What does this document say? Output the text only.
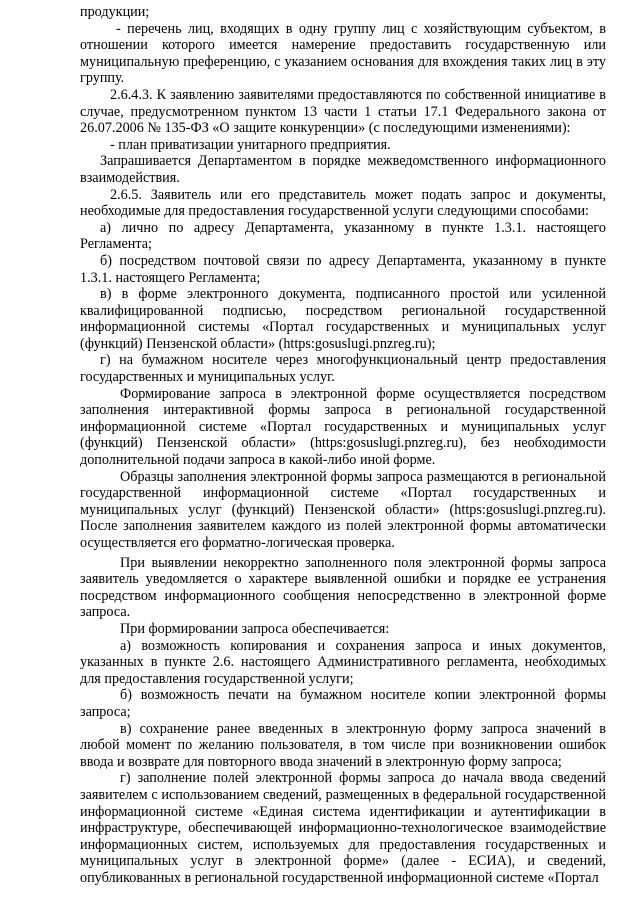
продукции;

- перечень лиц, входящих в одну группу лиц с хозяйствующим субъектом, в отношении которого имеется намерение предоставить государственную или муниципальную преференцию, с указанием основания для вхождения таких лиц в эту группу.

2.6.4.3. К заявлению заявителями предоставляются по собственной инициативе в случае, предусмотренном пунктом 13 части 1 статьи 17.1 Федерального закона от 26.07.2006 № 135-ФЗ «О защите конкуренции» (с последующими изменениями):

- план приватизации унитарного предприятия.

Запрашивается Департаментом в порядке межведомственного информационного взаимодействия.

2.6.5. Заявитель или его представитель может подать запрос и документы, необходимые для предоставления государственной услуги следующими способами:

а) лично по адресу Департамента, указанному в пункте 1.3.1. настоящего Регламента;

б) посредством почтовой связи по адресу Департамента, указанному в пункте 1.3.1. настоящего Регламента;

в) в форме электронного документа, подписанного простой или усиленной квалифицированной подписью, посредством региональной государственной информационной системы «Портал государственных и муниципальных услуг (функций) Пензенской области» (https:gosuslugi.pnzreg.ru);

г) на бумажном носителе через многофункциональный центр предоставления государственных и муниципальных услуг.

Формирование запроса в электронной форме осуществляется посредством заполнения интерактивной формы запроса в региональной государственной информационной системе «Портал государственных и муниципальных услуг (функций) Пензенской области» (https:gosuslugi.pnzreg.ru), без необходимости дополнительной подачи запроса в какой-либо иной форме.

Образцы заполнения электронной формы запроса размещаются в региональной государственной информационной системе «Портал государственных и муниципальных услуг (функций) Пензенской области» (https:gosuslugi.pnzreg.ru). После заполнения заявителем каждого из полей электронной формы автоматически осуществляется его форматно-логическая проверка.

При выявлении некорректно заполненного поля электронной формы запроса заявитель уведомляется о характере выявленной ошибки и порядке ее устранения посредством информационного сообщения непосредственно в электронной форме запроса.

При формировании запроса обеспечивается:

а) возможность копирования и сохранения запроса и иных документов, указанных в пункте 2.6. настоящего Административного регламента, необходимых для предоставления государственной услуги;

б) возможность печати на бумажном носителе копии электронной формы запроса;

в) сохранение ранее введенных в электронную форму запроса значений в любой момент по желанию пользователя, в том числе при возникновении ошибок ввода и возврате для повторного ввода значений в электронную форму запроса;

г) заполнение полей электронной формы запроса до начала ввода сведений заявителем с использованием сведений, размещенных в федеральной государственной информационной системе «Единая система идентификации и аутентификации в инфраструктуре, обеспечивающей информационно-технологическое взаимодействие информационных систем, используемых для предоставления государственных и муниципальных услуг в электронной форме» (далее - ЕСИА), и сведений, опубликованных в региональной государственной информационной системе «Портал
